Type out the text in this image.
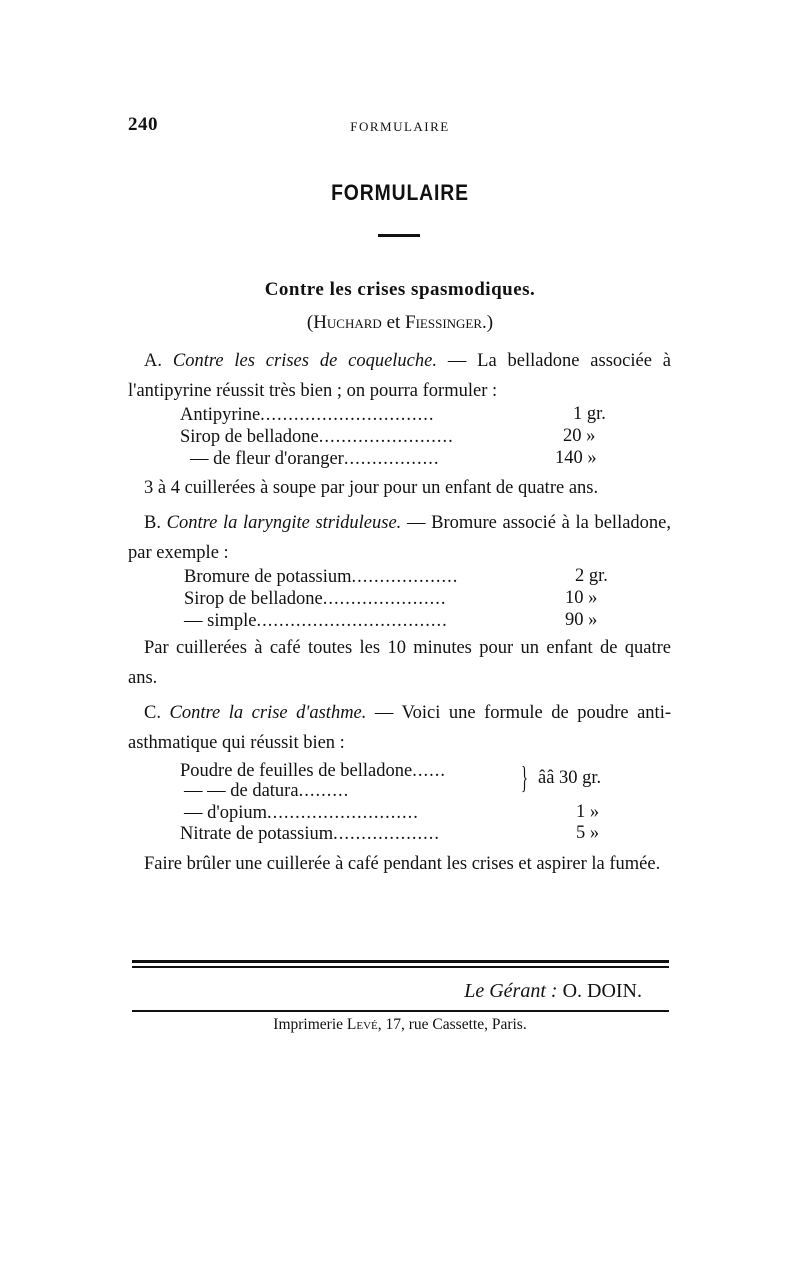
240	FORMULAIRE
FORMULAIRE
Contre les crises spasmodiques.
(Huchard et Fiessinger.)
A. Contre les crises de coqueluche. — La belladone associée à l'antipyrine réussit très bien ; on pourra formuler :
Antipyrine...............................	1 gr.
Sirop de belladone........................	20 »
— de fleur d'oranger.................	140 »
3 à 4 cuillerées à soupe par jour pour un enfant de quatre ans.
B. Contre la laryngite striduleuse. — Bromure associé à la belladone, par exemple :
Bromure de potassium...................	2 gr.
Sirop de belladone......................	10 »
— simple..................................	90 »
Par cuillerées à café toutes les 10 minutes pour un enfant de quatre ans.
C. Contre la crise d'asthme. — Voici une formule de poudre anti-asthmatique qui réussit bien :
Poudre de feuilles de belladone......
— — de datura.........	} ââ 30 gr.
— d'opium...........................	1 »
Nitrate de potassium...................	5 »
Faire brûler une cuillerée à café pendant les crises et aspirer la fumée.
Le Gérant : O. DOIN.
Imprimerie Levé, 17, rue Cassette, Paris.
